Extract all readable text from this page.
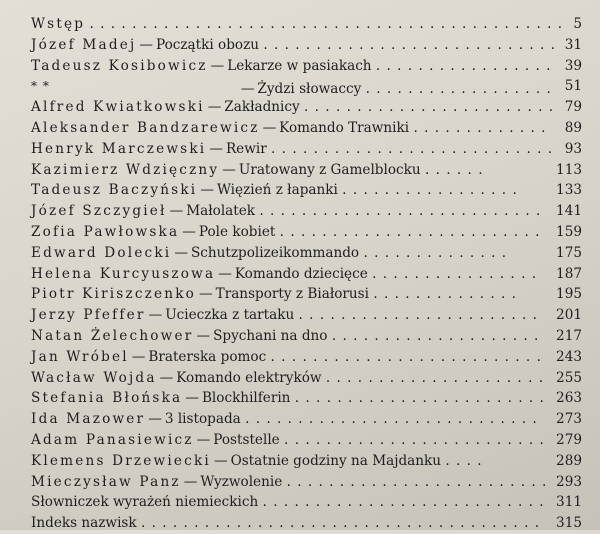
Wstęp . . . . . . . . . . . . . . . . . . . . . . . . . . . . . . . . . . . . . . . . . . . . . 5
Józef Madej — Początki obozu . . . . . . . . . . . . . . . . . . . . . . . . . . . . 31
Tadeusz Kosibowicz — Lekarze w pasiakach . . . . . . . . . . . . . . . . . 39
* *	— Żydzi słowaccy . . . . . . . . . . . . . . . . . . 51
Alfred Kwiatkowski — Zakładnicy . . . . . . . . . . . . . . . . . . . . . . . . 79
Aleksander Bandzarewicz — Komando Trawniki . . . . . . . . . . . . . 89
Henryk Marczewski — Rewir . . . . . . . . . . . . . . . . . . . . . . . . . . . 93
Kazimierz Wdzięczny — Uratowany z Gamelblocku . . . . . .	113
Tadeusz Baczyński — Więzień z łapanki . . . . . . . . . . . . . . . . .	133
Józef Szczygieł — Małolatek . . . . . . . . . . . . . . . . . . . . . . . . . . . 141
Zofia Pawłowska — Pole kobiet . . . . . . . . . . . . . . . . . . . . . . . . . 159
Edward Dolecki — Schutzpolizeikommando . . . . . . . . . . . . . .	175
Helena Kurcyuszowa — Komando dziecięce . . . . . . . . . . . . . . . . 187
Piotr Kiriszczenko — Transporty z Białorusi . . . . . . . . . . . . . .	195
Jerzy Pfeffer — Ucieczka z tartaku . . . . . . . . . . . . . . . . . . . . . . . 201
Natan Żelechower — Spychani na dno . . . . . . . . . . . . . . . . . . . . 217
Jan Wróbel — Braterska pomoc . . . . . . . . . . . . . . . . . . . . . . . . . . 243
Wacław Wojda — Komando elektryków . . . . . . . . . . . . . . . . . . . . . 255
Stefania Błońska — Blockhilferin . . . . . . . . . . . . . . . . . . . . . . . . 263
Ida Mazower — 3 listopada . . . . . . . . . . . . . . . . . . . . . . . . . . . . 273
Adam Panasiewicz — Poststelle . . . . . . . . . . . . . . . . . . . . . . . . . 279
Klemens Drzewiecki — Ostatnie godziny na Majdanku . . . .	289
Mieczysław Panz — Wyzwolenie . . . . . . . . . . . . . . . . . . . . . . . . . 293
Słowniczek wyrażeń niemieckich . . . . . . . . . . . . . . . . . . . . . . . . . . . 311
Indeks nazwisk . . . . . . . . . . . . . . . . . . . . . . . . . . . . . . . . . . . . . . 315
